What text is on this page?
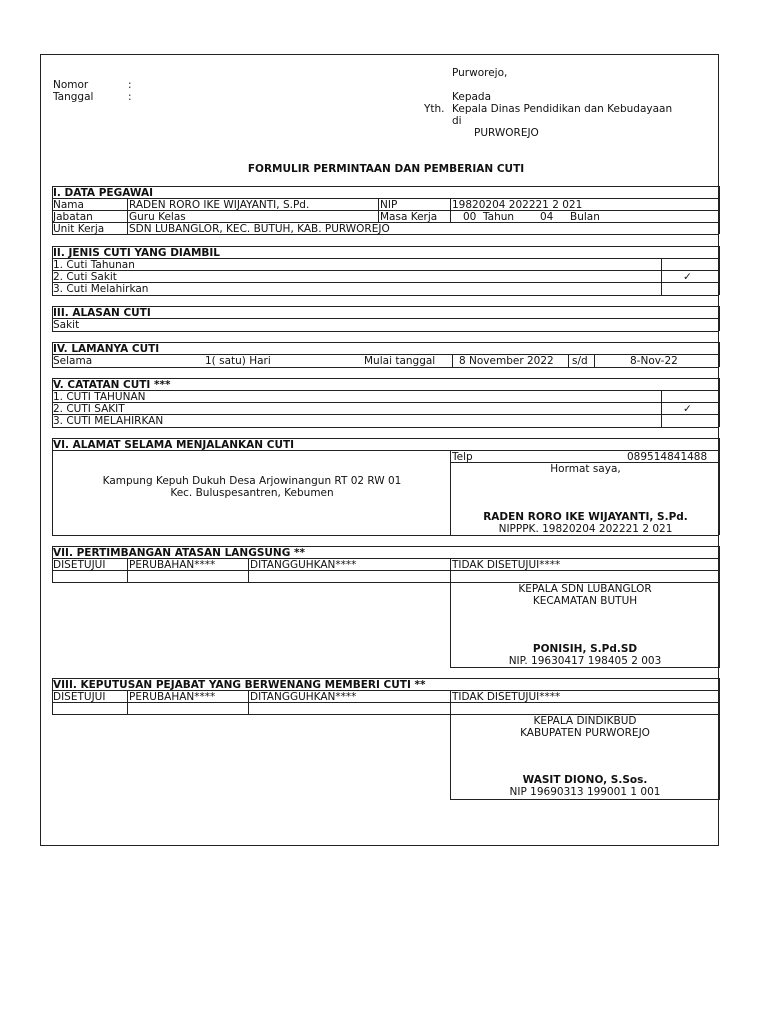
Purworejo,
Nomor	:
Tanggal	:	Kepada
Yth. Kepala Dinas Pendidikan dan Kebudayaan
di
PURWOREJO
FORMULIR PERMINTAAN DAN PEMBERIAN CUTI
I. DATA PEGAWAI
Nama	RADEN RORO IKE WIJAYANTI, S.Pd.	NIP	19820204 202221 2 021
Jabatan	Guru Kelas	Masa Kerja 00 Tahun 04 Bulan
Unit Kerja SDN LUBANGLOR, KEC. BUTUH, KAB. PURWOREJO
II. JENIS CUTI YANG DIAMBIL
1. Cuti Tahunan
2. Cuti Sakit	✓
3. Cuti Melahirkan
III. ALASAN CUTI
Sakit
IV. LAMANYA CUTI
Selama	1( satu) Hari	Mulai tanggal 8 November 2022 s/d	8-Nov-22
V. CATATAN CUTI ***
1. CUTI TAHUNAN
2. CUTI SAKIT	✓
3. CUTI MELAHIRKAN
VI. ALAMAT SELAMA MENJALANKAN CUTI
Kampung Kepuh Dukuh Desa Arjowinangun RT 02 RW 01
Kec. Buluspesantren, Kebumen
Telp	089514841488
Hormat saya,
RADEN RORO IKE WIJAYANTI, S.Pd.
NIPPPK. 19820204 202221 2 021
VII. PERTIMBANGAN ATASAN LANGSUNG **
DISETUJUI PERUBAHAN****	DITANGGUHKAN****	TIDAK DISETUJUI****
KEPALA SDN LUBANGLOR
KECAMATAN BUTUH
PONISIH, S.Pd.SD
NIP. 19630417 198405 2 003
VIII. KEPUTUSAN PEJABAT YANG BERWENANG MEMBERI CUTI **
DISETUJUI PERUBAHAN****	DITANGGUHKAN****	TIDAK DISETUJUI****
KEPALA DINDIKBUD
KABUPATEN PURWOREJO
WASIT DIONO, S.Sos.
NIP 19690313 199001 1 001
